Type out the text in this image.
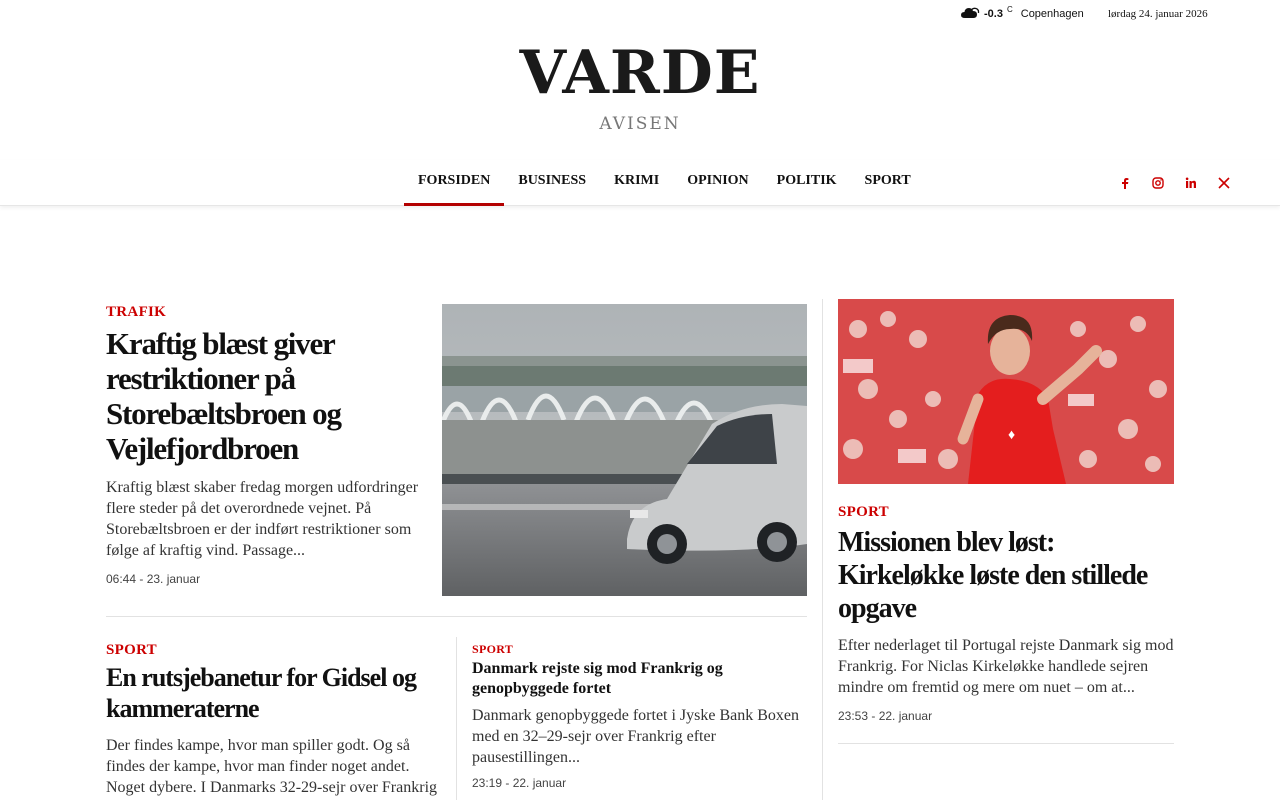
-0.3 C Copenhagen lørdag 24. januar 2026
VARDE
AVISEN
FORSIDEN	BUSINESS	KRIMI	OPINION	POLITIK	SPORT
TRAFIK
Kraftig blæst giver restriktioner på Storebæltsbroen og Vejlefjordbroen
Kraftig blæst skaber fredag morgen udfordringer flere steder på det overordnede vejnet. På Storebæltsbroen er der indført restriktioner som følge af kraftig vind. Passage...
06:44 - 23. januar
SPORT
En rutsjebanetur for Gidsel og kammeraterne
Der findes kampe, hvor man spiller godt. Og så findes der kampe, hvor man finder noget andet. Noget dybere. I Danmarks 32-29-sejr over Frankrig
SPORT
Danmark rejste sig mod Frankrig og genopbyggede fortet
Danmark genopbyggede fortet i Jyske Bank Boxen med en 32–29-sejr over Frankrig efter pausestillingen...
23:19 - 22. januar
♦
SPORT
Missionen blev løst: Kirkeløkke løste den stillede opgave
Efter nederlaget til Portugal rejste Danmark sig mod Frankrig. For Niclas Kirkeløkke handlede sejren mindre om fremtid og mere om nuet – om at...
23:53 - 22. januar
